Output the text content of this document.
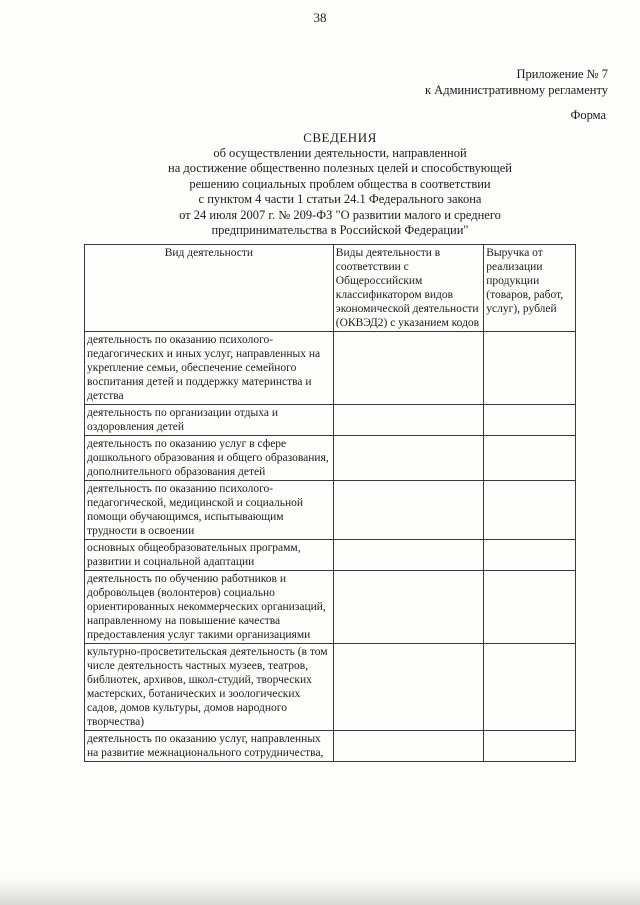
38
Приложение № 7
к Административному регламенту
Форма
СВЕДЕНИЯ
об осуществлении деятельности, направленной
на достижение общественно полезных целей и способствующей
решению социальных проблем общества в соответствии
с пунктом 4 части 1 статьи 24.1 Федерального закона
от 24 июля 2007 г. № 209-ФЗ "О развитии малого и среднего
предпринимательства в Российской Федерации"
Вид деятельности	Виды деятельности в соответствии с Общероссийским классификатором видов экономической деятельности (ОКВЭД2) с указанием кодов	Выручка от реализации продукции (товаров, работ, услуг), рублей
деятельность по оказанию психолого-педагогических и иных услуг, направленных на укрепление семьи, обеспечение семейного воспитания детей и поддержку материнства и детства		
деятельность по организации отдыха и оздоровления детей		
деятельность по оказанию услуг в сфере дошкольного образования и общего образования, дополнительного образования детей		
деятельность по оказанию психолого-педагогической, медицинской и социальной помощи обучающимся, испытывающим трудности в освоении		
основных общеобразовательных программ, развитии и социальной адаптации		
деятельность по обучению работников и добровольцев (волонтеров) социально ориентированных некоммерческих организаций, направленному на повышение качества предоставления услуг такими организациями		
культурно-просветительская деятельность (в том числе деятельность частных музеев, театров, библиотек, архивов, школ-студий, творческих мастерских, ботанических и зоологических садов, домов культуры, домов народного творчества)		
деятельность по оказанию услуг, направленных на развитие межнационального сотрудничества,		
